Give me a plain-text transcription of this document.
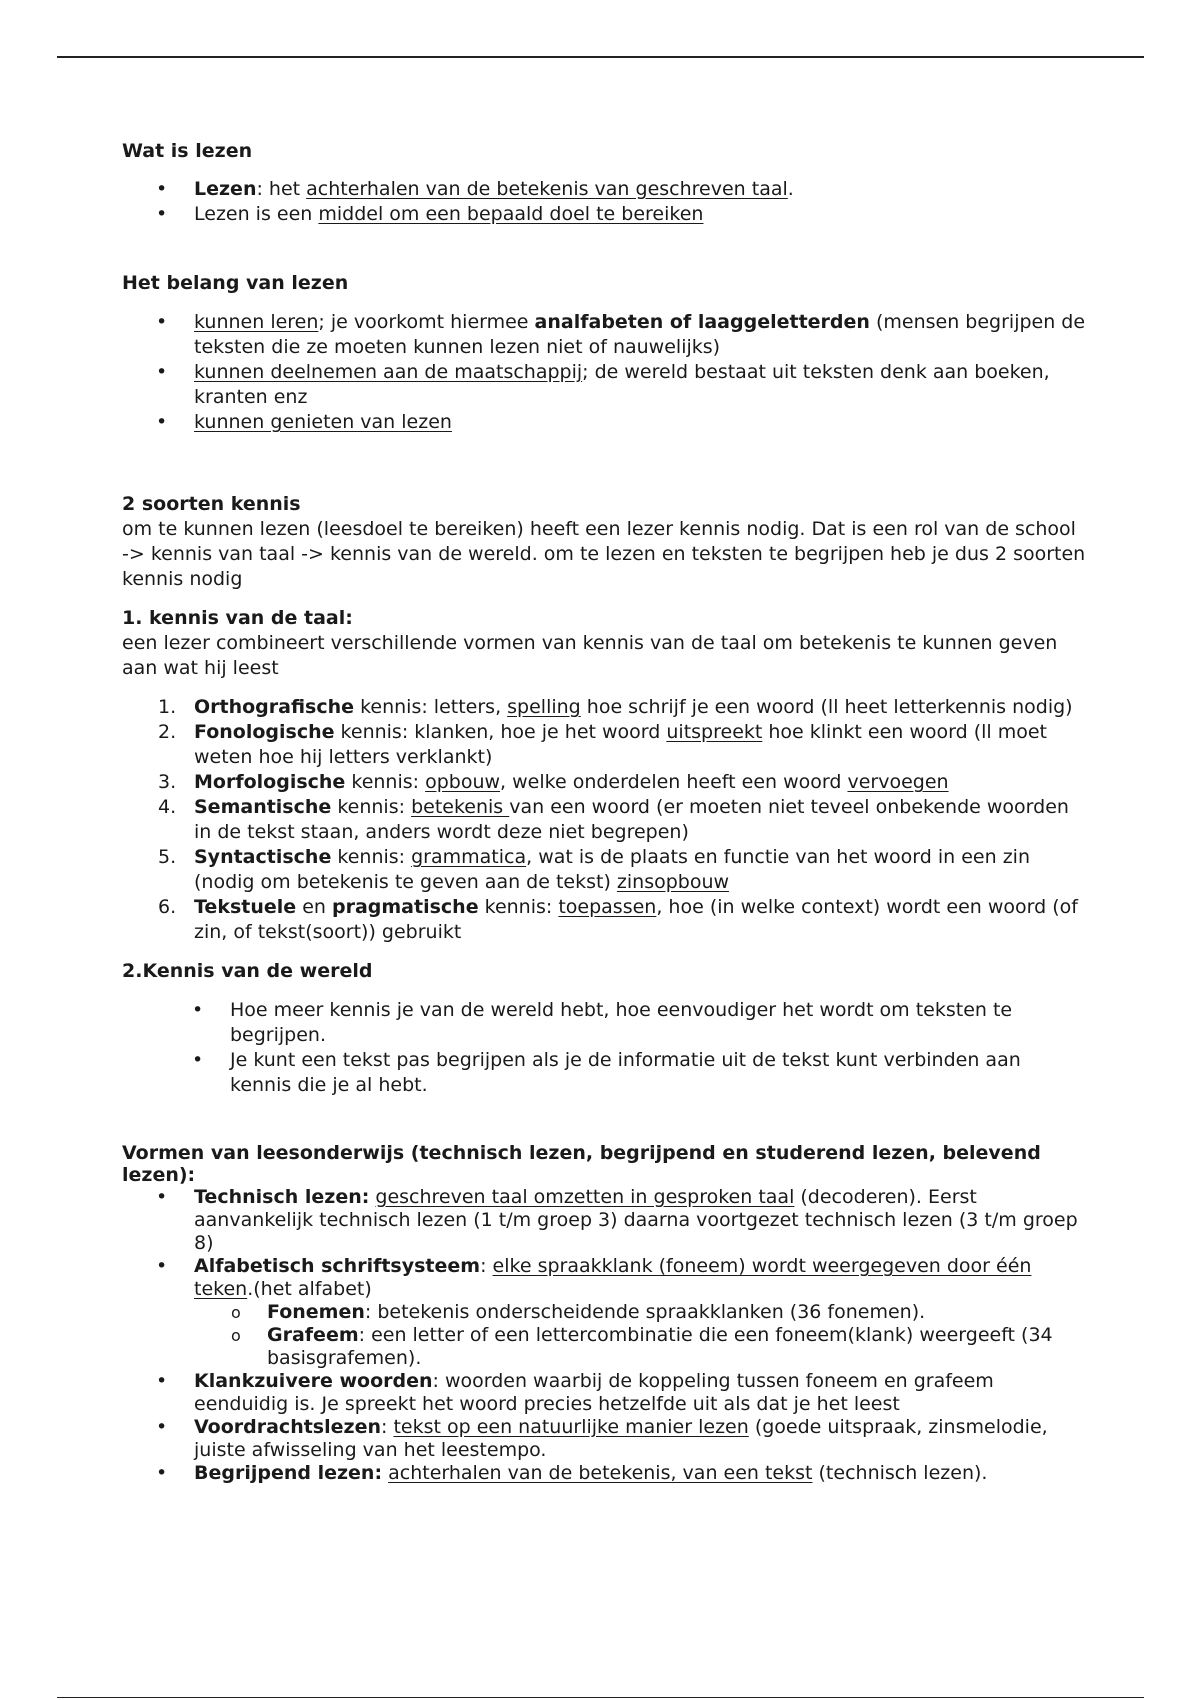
Wat is lezen

• Lezen: het achterhalen van de betekenis van geschreven taal.
• Lezen is een middel om een bepaald doel te bereiken

Het belang van lezen

• kunnen leren; je voorkomt hiermee analfabeten of laaggeletterden (mensen begrijpen de teksten die ze moeten kunnen lezen niet of nauwelijks)
• kunnen deelnemen aan de maatschappij; de wereld bestaat uit teksten denk aan boeken, kranten enz
• kunnen genieten van lezen

2 soorten kennis

om te kunnen lezen (leesdoel te bereiken) heeft een lezer kennis nodig. Dat is een rol van de school -> kennis van taal -> kennis van de wereld. om te lezen en teksten te begrijpen heb je dus 2 soorten kennis nodig

1. kennis van de taal:

een lezer combineert verschillende vormen van kennis van de taal om betekenis te kunnen geven aan wat hij leest

1. Orthografische kennis: letters, spelling hoe schrijf je een woord (ll heet letterkennis nodig)
2. Fonologische kennis: klanken, hoe je het woord uitspreekt hoe klinkt een woord (ll moet weten hoe hij letters verklankt)
3. Morfologische kennis: opbouw, welke onderdelen heeft een woord vervoegen
4. Semantische kennis: betekenis van een woord (er moeten niet teveel onbekende woorden in de tekst staan, anders wordt deze niet begrepen)
5. Syntactische kennis: grammatica, wat is de plaats en functie van het woord in een zin (nodig om betekenis te geven aan de tekst) zinsopbouw
6. Tekstuele en pragmatische kennis: toepassen, hoe (in welke context) wordt een woord (of zin, of tekst(soort)) gebruikt

2.Kennis van de wereld

• Hoe meer kennis je van de wereld hebt, hoe eenvoudiger het wordt om teksten te begrijpen.
• Je kunt een tekst pas begrijpen als je de informatie uit de tekst kunt verbinden aan kennis die je al hebt.

Vormen van leesonderwijs (technisch lezen, begrijpend en studerend lezen, belevend lezen):

• Technisch lezen: geschreven taal omzetten in gesproken taal (decoderen). Eerst aanvankelijk technisch lezen (1 t/m groep 3) daarna voortgezet technisch lezen (3 t/m groep 8)
• Alfabetisch schriftsysteem: elke spraakklank (foneem) wordt weergegeven door één teken.(het alfabet)
o Fonemen: betekenis onderscheidende spraakklanken (36 fonemen).
o Grafeem: een letter of een lettercombinatie die een foneem(klank) weergeeft (34 basisgrafemen).
• Klankzuivere woorden: woorden waarbij de koppeling tussen foneem en grafeem eenduidig is. Je spreekt het woord precies hetzelfde uit als dat je het leest
• Voordrachtslezen: tekst op een natuurlijke manier lezen (goede uitspraak, zinsmelodie, juiste afwisseling van het leestempo.
• Begrijpend lezen: achterhalen van de betekenis, van een tekst (technisch lezen).
